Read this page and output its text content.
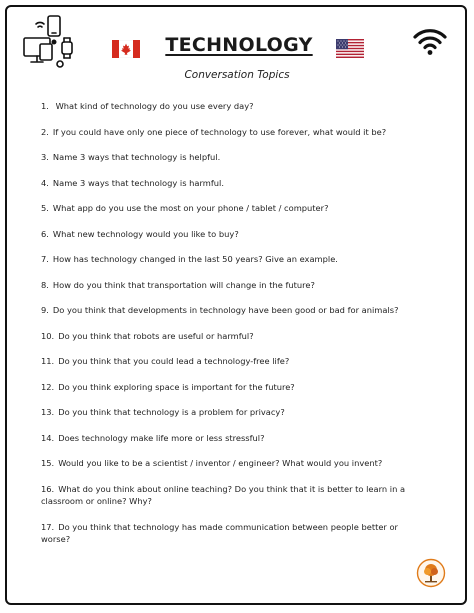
TECHNOLOGY

Conversation Topics

1. What kind of technology do you use every day?
2. If you could have only one piece of technology to use forever, what would it be?
3. Name 3 ways that technology is helpful.
4. Name 3 ways that technology is harmful.
5. What app do you use the most on your phone / tablet / computer?
6. What new technology would you like to buy?
7. How has technology changed in the last 50 years? Give an example.
8. How do you think that transportation will change in the future?
9. Do you think that developments in technology have been good or bad for animals?
10. Do you think that robots are useful or harmful?
11. Do you think that you could lead a technology-free life?
12. Do you think exploring space is important for the future?
13. Do you think that technology is a problem for privacy?
14. Does technology make life more or less stressful?
15. Would you like to be a scientist / inventor / engineer? What would you invent?
16. What do you think about online teaching? Do you think that it is better to learn in a classroom or online? Why?
17. Do you think that technology has made communication between people better or worse?
